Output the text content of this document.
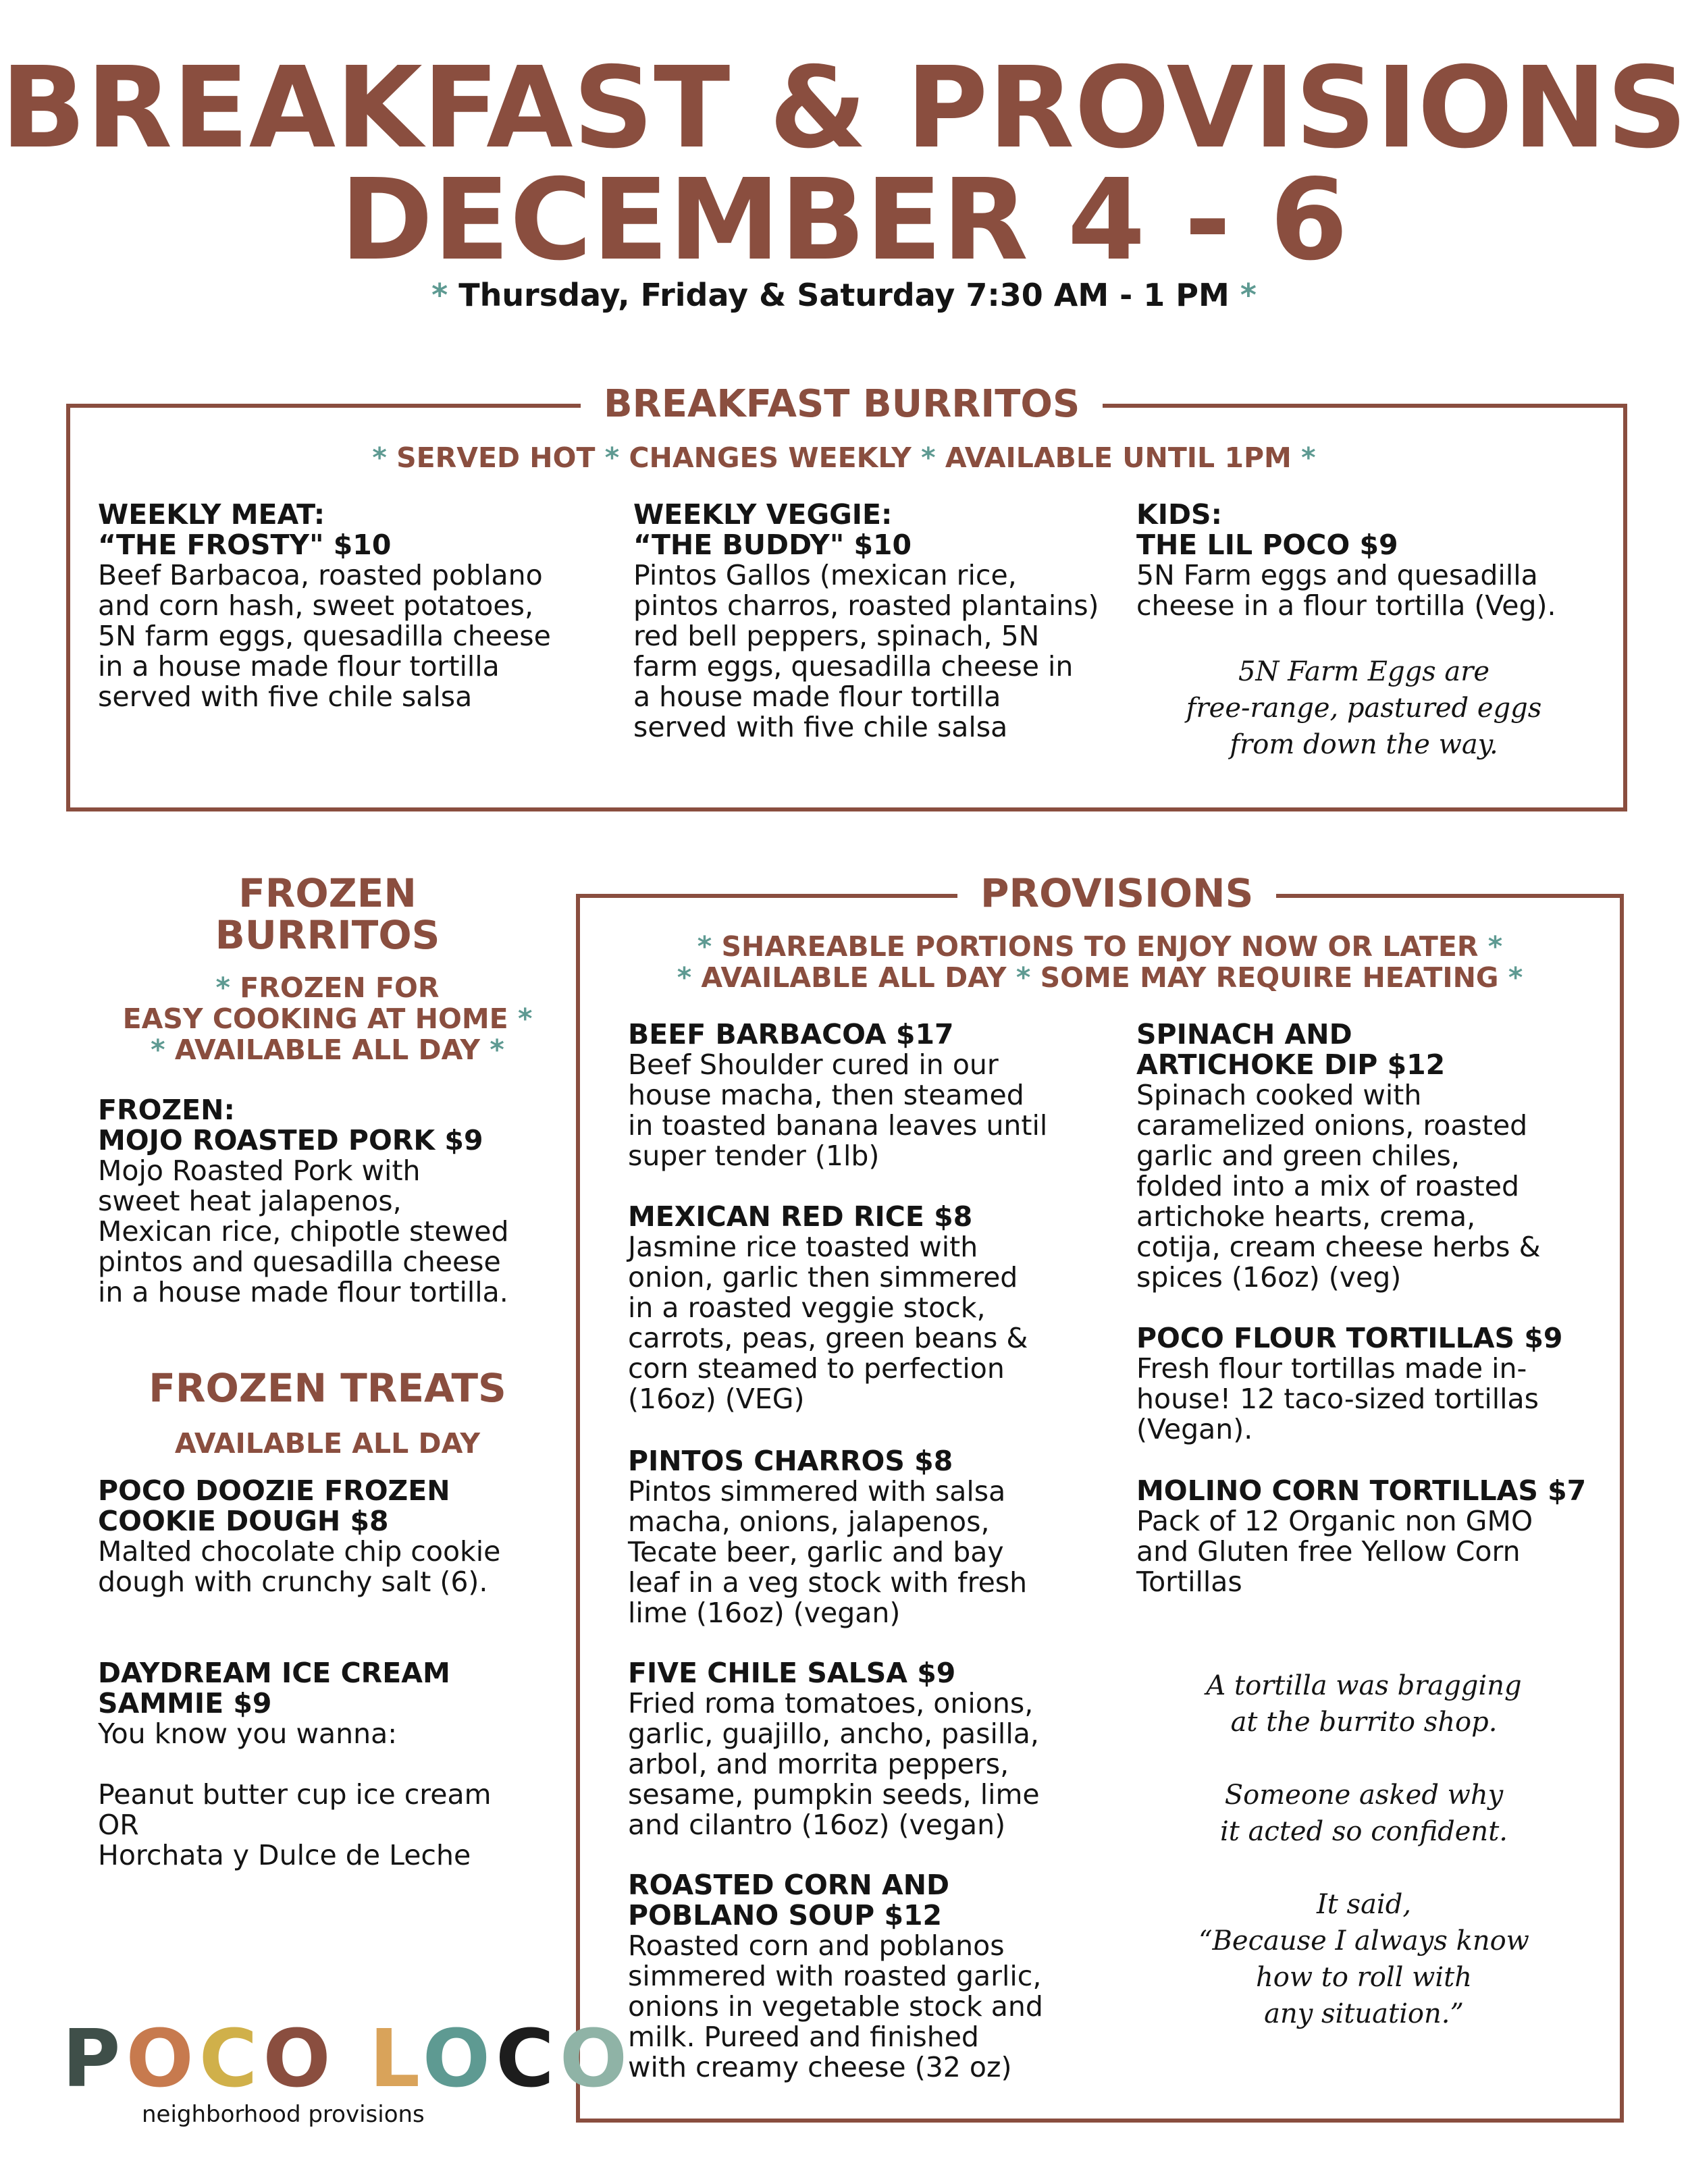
BREAKFAST & PROVISIONS
DECEMBER 4 - 6
* Thursday, Friday & Saturday 7:30 AM - 1 PM *
BREAKFAST BURRITOS
* SERVED HOT * CHANGES WEEKLY * AVAILABLE UNTIL 1PM *
WEEKLY MEAT:
“THE FROSTY" $10
Beef Barbacoa, roasted poblano
and corn hash, sweet potatoes,
5N farm eggs, quesadilla cheese
in a house made flour tortilla
served with five chile salsa
WEEKLY VEGGIE:
“THE BUDDY" $10
Pintos Gallos (mexican rice,
pintos charros, roasted plantains)
red bell peppers, spinach, 5N
farm eggs, quesadilla cheese in
a house made flour tortilla
served with five chile salsa
KIDS:
THE LIL POCO $9
5N Farm eggs and quesadilla
cheese in a flour tortilla (Veg).
5N Farm Eggs are
free-range, pastured eggs
from down the way.
FROZEN
BURRITOS
* FROZEN FOR
EASY COOKING AT HOME *
* AVAILABLE ALL DAY *
FROZEN:
MOJO ROASTED PORK $9
Mojo Roasted Pork with
sweet heat jalapenos,
Mexican rice, chipotle stewed
pintos and quesadilla cheese
in a house made flour tortilla.
FROZEN TREATS
AVAILABLE ALL DAY
POCO DOOZIE FROZEN
COOKIE DOUGH $8
Malted chocolate chip cookie
dough with crunchy salt (6).
DAYDREAM ICE CREAM
SAMMIE $9
You know you wanna:

Peanut butter cup ice cream
OR
Horchata y Dulce de Leche
PROVISIONS
* SHAREABLE PORTIONS TO ENJOY NOW OR LATER *
* AVAILABLE ALL DAY * SOME MAY REQUIRE HEATING *
BEEF BARBACOA $17
Beef Shoulder cured in our
house macha, then steamed
in toasted banana leaves until
super tender (1lb)
MEXICAN RED RICE $8
Jasmine rice toasted with
onion, garlic then simmered
in a roasted veggie stock,
carrots, peas, green beans &
corn steamed to perfection
(16oz) (VEG)
PINTOS CHARROS $8
Pintos simmered with salsa
macha, onions, jalapenos,
Tecate beer, garlic and bay
leaf in a veg stock with fresh
lime (16oz) (vegan)
FIVE CHILE SALSA $9
Fried roma tomatoes, onions,
garlic, guajillo, ancho, pasilla,
arbol, and morrita peppers,
sesame, pumpkin seeds, lime
and cilantro (16oz) (vegan)
ROASTED CORN AND
POBLANO SOUP $12
Roasted corn and poblanos
simmered with roasted garlic,
onions in vegetable stock and
milk. Pureed and finished
with creamy cheese (32 oz)
SPINACH AND
ARTICHOKE DIP $12
Spinach cooked with
caramelized onions, roasted
garlic and green chiles,
folded into a mix of roasted
artichoke hearts, crema,
cotija, cream cheese herbs &
spices (16oz) (veg)
POCO FLOUR TORTILLAS $9
Fresh flour tortillas made in-
house! 12 taco-sized tortillas
(Vegan).
MOLINO CORN TORTILLAS $7
Pack of 12 Organic non GMO
and Gluten free Yellow Corn
Tortillas
A tortilla was bragging
at the burrito shop.

Someone asked why
it acted so confident.

It said,
“Because I always know
how to roll with
any situation.”
POCO LOCO
neighborhood provisions
